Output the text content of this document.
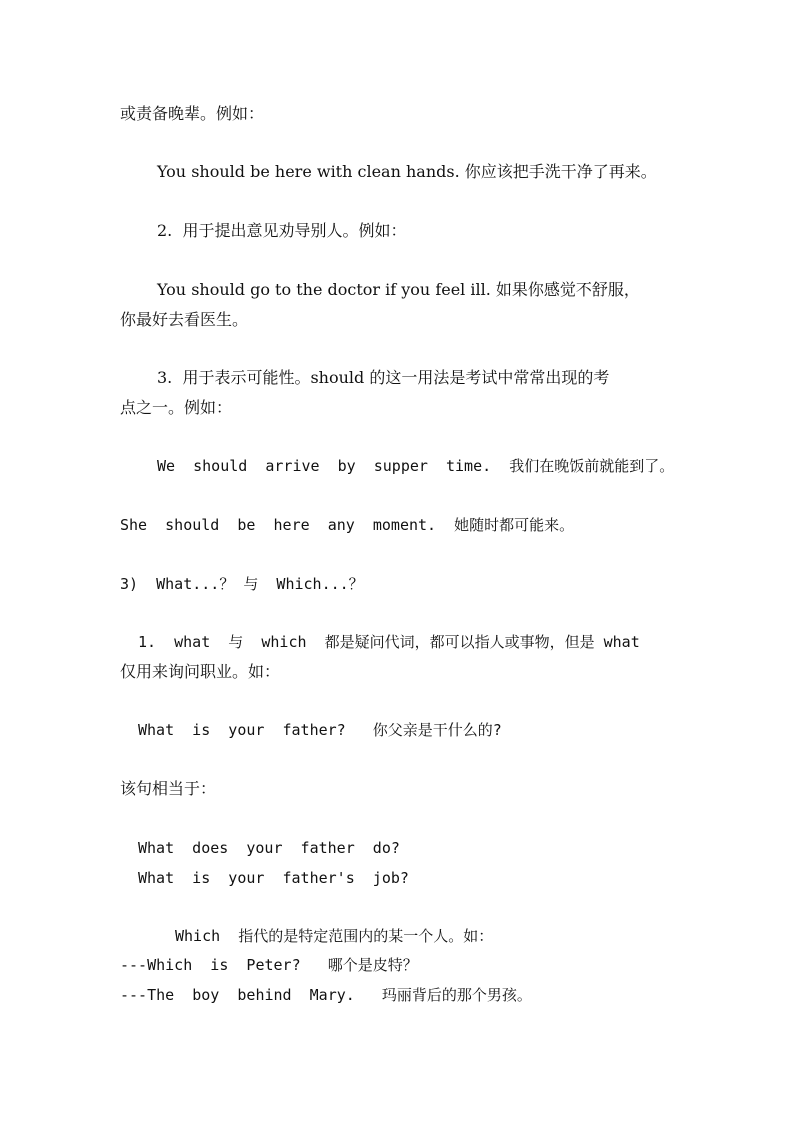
或责备晚辈。例如：
You should be here with clean hands. 你应该把手洗干净了再来。
2.  用于提出意见劝导别人。例如：
You should go to the doctor if you feel ill. 如果你感觉不舒服，
你最好去看医生。
3.  用于表示可能性。should 的这一用法是考试中常常出现的考
点之一。例如：
We  should  arrive  by  supper  time.  我们在晚饭前就能到了。
She  should  be  here  any  moment.  她随时都可能来。
3)  What...？ 与  Which...？
1.  what  与  which  都是疑问代词，都可以指人或事物，但是 what
仅用来询问职业。如：
What  is  your  father?   你父亲是干什么的?
该句相当于：
What  does  your  father  do?
What  is  your  father's  job?
Which  指代的是特定范围内的某一个人。如：
---Which  is  Peter?   哪个是皮特？
---The  boy  behind  Mary.   玛丽背后的那个男孩。
